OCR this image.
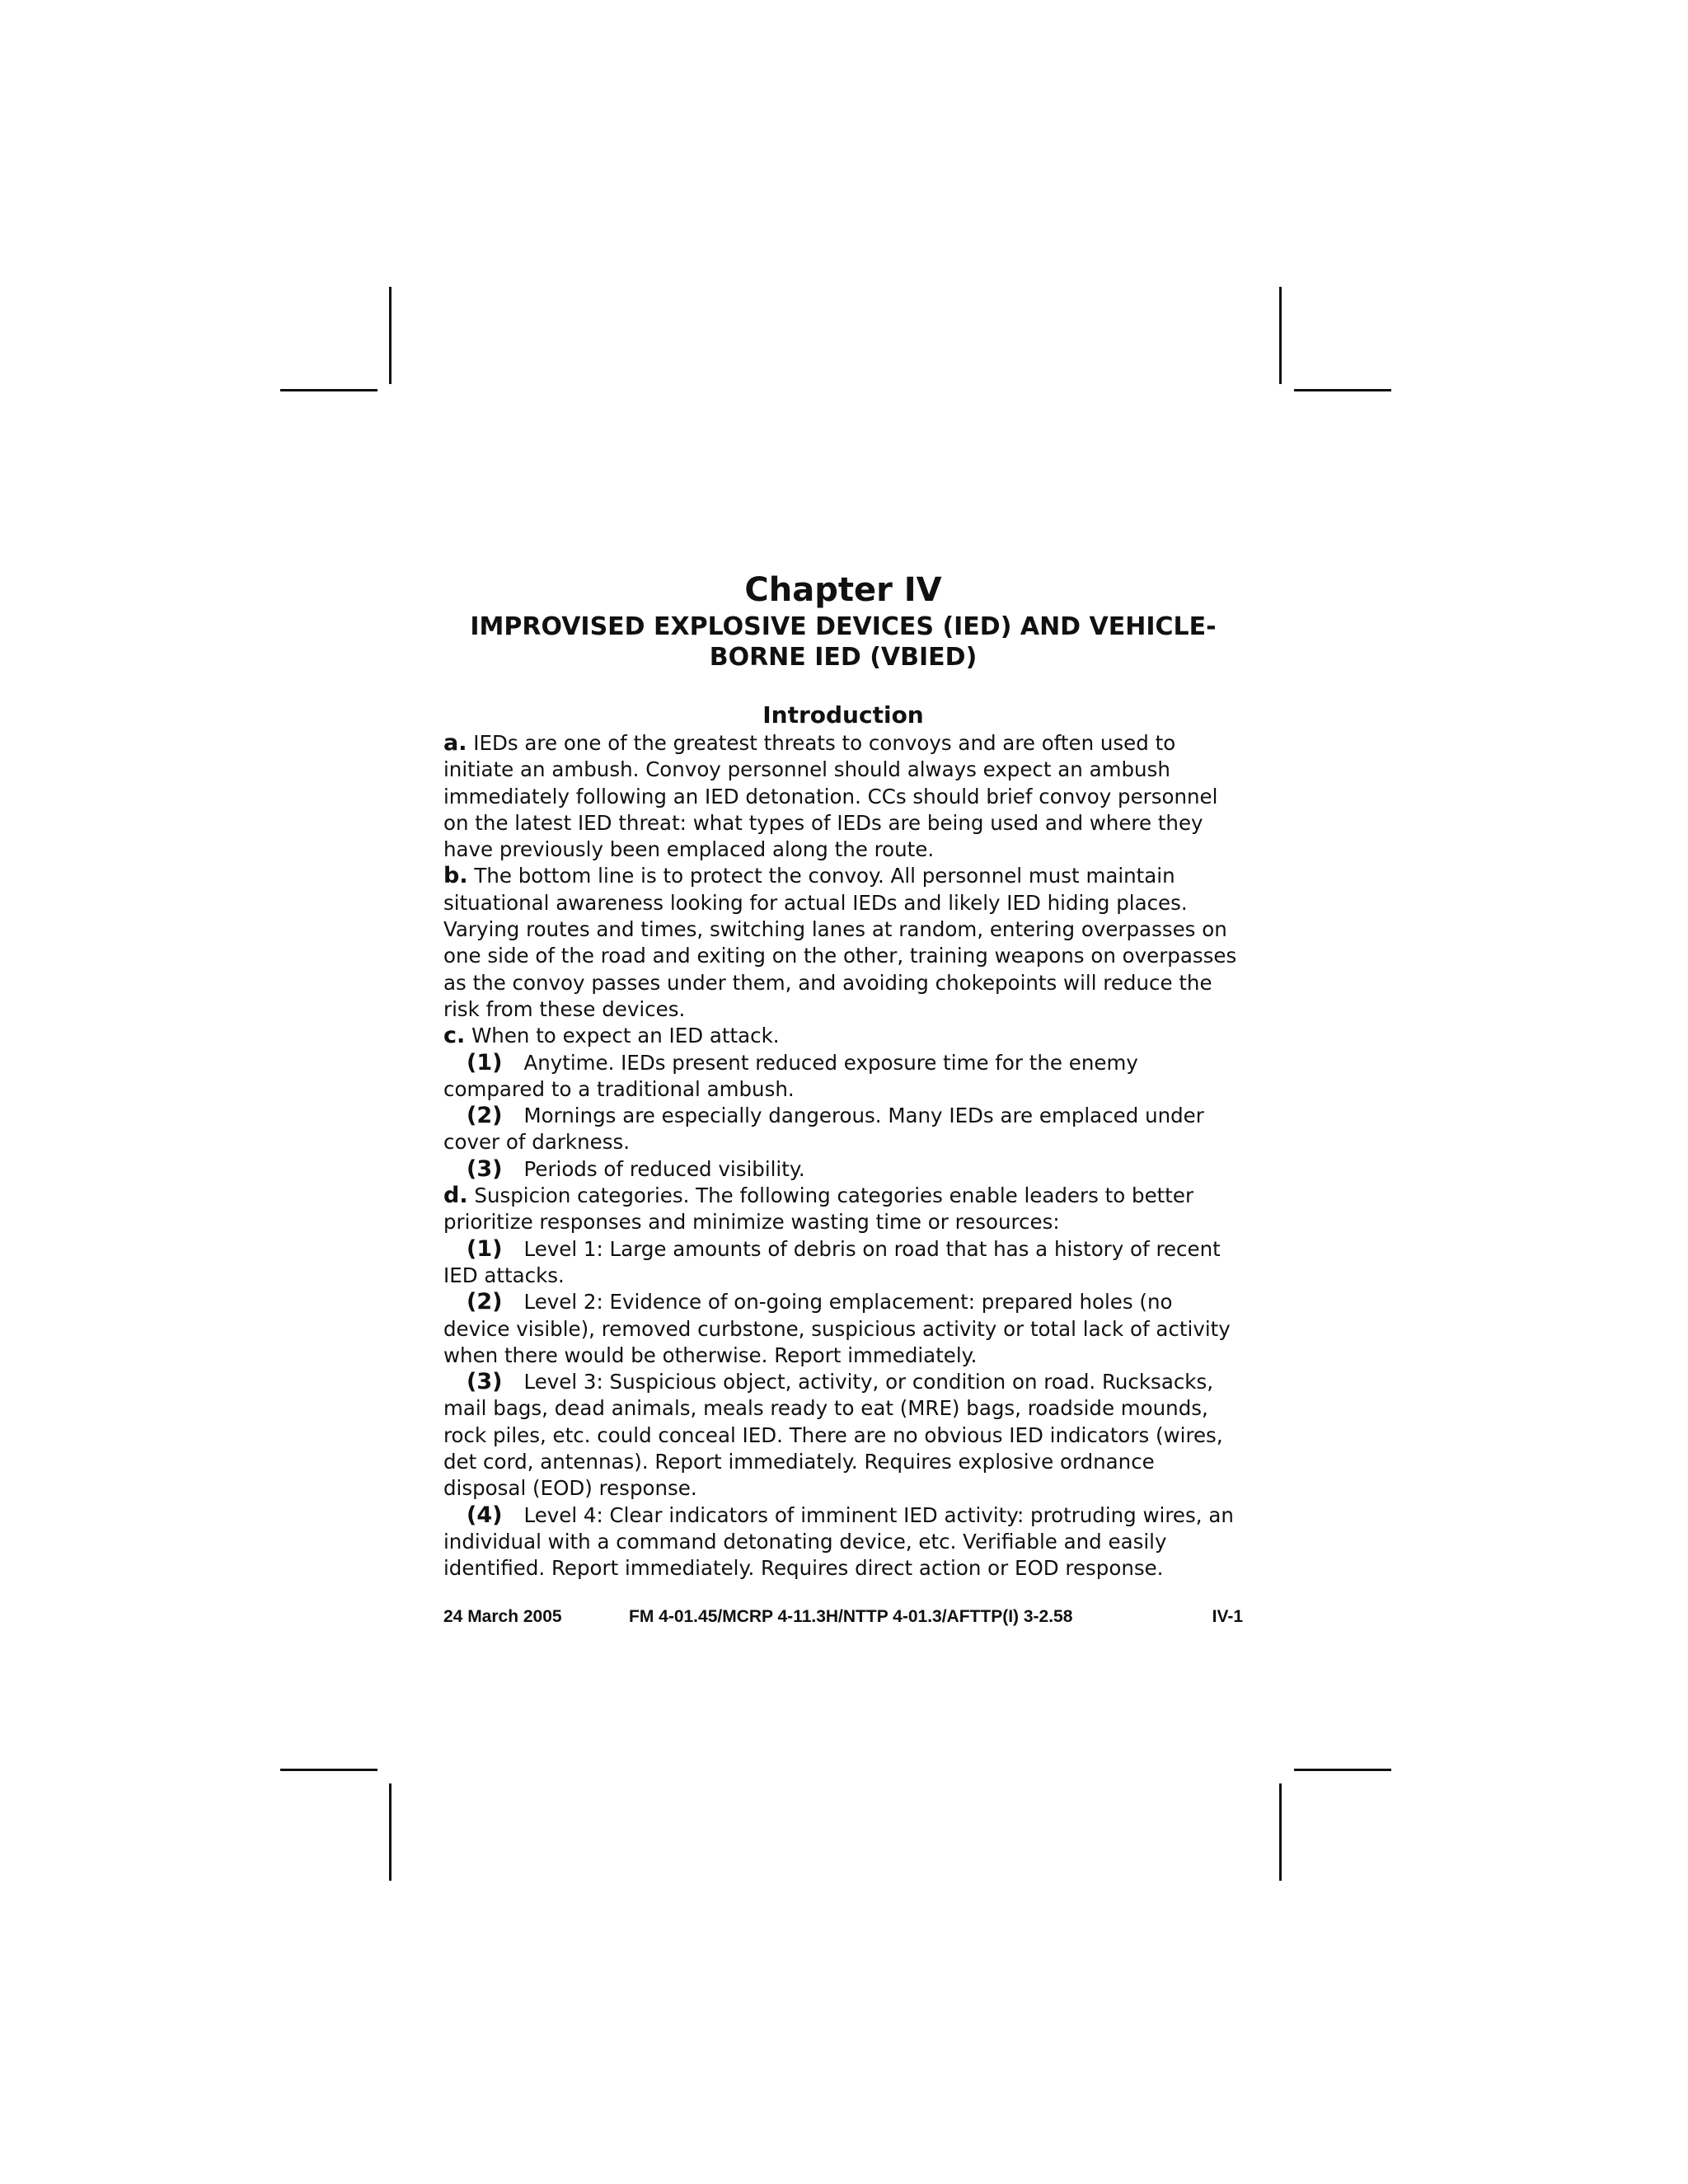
Chapter IV
IMPROVISED EXPLOSIVE DEVICES (IED) AND VEHICLE-
BORNE IED (VBIED)
Introduction

a. IEDs are one of the greatest threats to convoys and are often used to initiate an ambush. Convoy personnel should always expect an ambush immediately following an IED detonation. CCs should brief convoy personnel on the latest IED threat: what types of IEDs are being used and where they have previously been emplaced along the route.

b. The bottom line is to protect the convoy. All personnel must maintain situational awareness looking for actual IEDs and likely IED hiding places. Varying routes and times, switching lanes at random, entering overpasses on one side of the road and exiting on the other, training weapons on overpasses as the convoy passes under them, and avoiding chokepoints will reduce the risk from these devices.

c. When to expect an IED attack.

(1) Anytime. IEDs present reduced exposure time for the enemy compared to a traditional ambush.

(2) Mornings are especially dangerous. Many IEDs are emplaced under cover of darkness.

(3) Periods of reduced visibility.

d. Suspicion categories. The following categories enable leaders to better prioritize responses and minimize wasting time or resources:

(1) Level 1: Large amounts of debris on road that has a history of recent IED attacks.

(2) Level 2: Evidence of on-going emplacement: prepared holes (no device visible), removed curbstone, suspicious activity or total lack of activity when there would be otherwise. Report immediately.

(3) Level 3: Suspicious object, activity, or condition on road. Rucksacks, mail bags, dead animals, meals ready to eat (MRE) bags, roadside mounds, rock piles, etc. could conceal IED. There are no obvious IED indicators (wires, det cord, antennas). Report immediately. Requires explosive ordnance disposal (EOD) response.

(4) Level 4: Clear indicators of imminent IED activity: protruding wires, an individual with a command detonating device, etc. Verifiable and easily identified. Report immediately. Requires direct action or EOD response.

24 March 2005	FM 4-01.45/MCRP 4-11.3H/NTTP 4-01.3/AFTTP(I) 3-2.58	IV-1
